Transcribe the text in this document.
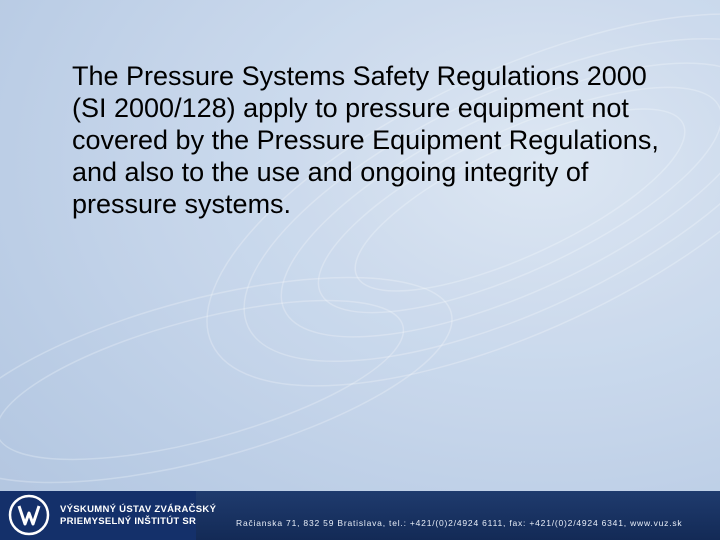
The Pressure Systems Safety Regulations 2000 (SI 2000/128) apply to pressure equipment not covered by the Pressure Equipment Regulations, and also to the use and ongoing integrity of pressure systems.

VÝSKUMNÝ ÚSTAV ZVÁRAČSKÝ
PRIEMYSELNÝ INŠTITÚT SR	Račianska 71, 832 59 Bratislava, tel.: +421/(0)2/4924 6111, fax: +421/(0)2/4924 6341, www.vuz.sk
